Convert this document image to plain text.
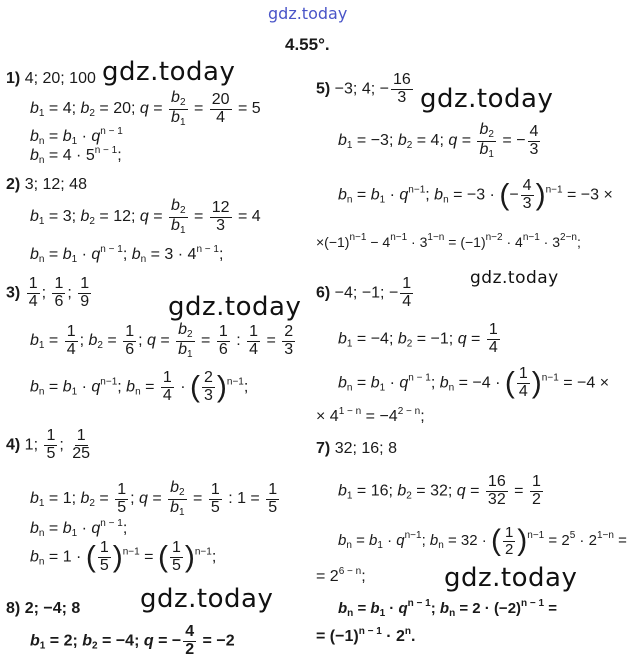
gdz.today
4.55°.
gdz.today
gdz.today
gdz.today
gdz.today
gdz.today
gdz.today
1) 4; 20; 100
$b_1 = 4$; $b_2 = 20$; $q = \frac{b_2}{b_1} = \frac{20}{4} = 5$
$b_n = b_1 \cdot q^{n - 1}$
$b_n = 4 \cdot 5^{n - 1}$;
2) 3; 12; 48
$b_1 = 3$; $b_2 = 12$; $q = \frac{b_2}{b_1} = \frac{12}{3} = 4$
$b_n = b_1 \cdot q^{n - 1}$; $b_n = 3 \cdot 4^{n - 1}$;
$3) \frac{1}{4}$ ; $\frac{1}{6}$ ; $\frac{1}{9}$
$b_1 = \frac{1}{4}$ ; $b_2 = \frac{1}{6}$ ; $q = \frac{b_2}{b_1} = \frac{1}{6}$ : $\frac{1}{4} = \frac{2}{3}$
$b_n = b_1 \cdot q^{n-1}$; $b_n = \frac{1}{4}$ · ( $\frac{2}{3} )^{n-1}$;
4) 1; $\frac{1}{5}$ ; $\frac{1}{25}$
$b_1 = 1$; $b_2 = \frac{1}{5}$ ; $q = \frac{b_2}{b_1} = \frac{1}{5}$ : $1 = \frac{1}{5}$
$b_n = b_1 \cdot q^{n - 1}$;
$b_n = 1$ · ( $\frac{1}{5} )^{n-1}$ = ( $\frac{1}{5} )^{n-1}$;
8) 2; −4; 8
$b_1 = 2$; $b_2 = -4$; q = − $\frac{4}{2} = -2$
5) −3; 4; − $\frac{16}{3}$
$b_1 = -3$; $b_2 = 4$; $q = \frac{b_2}{b_1}$ = − $\frac{4}{3}$
$b_n = b_1 \cdot q^{n-1}$; $b_n = -3$ · (− $\frac{4}{3} )^{n-1} = -3$ ×
$\times(-1)^{n-1} - 4^{n-1} \cdot 3^{1-n} = (-1)^{n-2} \cdot 4^{n-1} \cdot 3^{2-n}$;
6) −4; −1; − $\frac{1}{4}$
$b_1 = -4$; $b_2 = -1$; $q = \frac{1}{4}$
$b_n = b_1 \cdot q^{n - 1}$; $b_n = -4$ · ( $\frac{1}{4} )^{n-1} = -4$ ×
× $4^{1 - n} = -4^{2 - n}$;
7) 32; 16; 8
$b_1 = 16$; $b_2 = 32$; $q = \frac{16}{32} = \frac{1}{2}$
$b_n = b_1 \cdot q^{n-1}$; $b_n = 32$ · ( $\frac{1}{2} )^{n-1} = 2^5 \cdot 2^{1-n}$ =
= $2^{6 - n}$;
$b_n = b_1 \cdot q^{n - 1}$; $b_n = 2 \cdot (-2)^{n - 1}$ =
= $(-1)^{n - 1} \cdot 2^n$.
